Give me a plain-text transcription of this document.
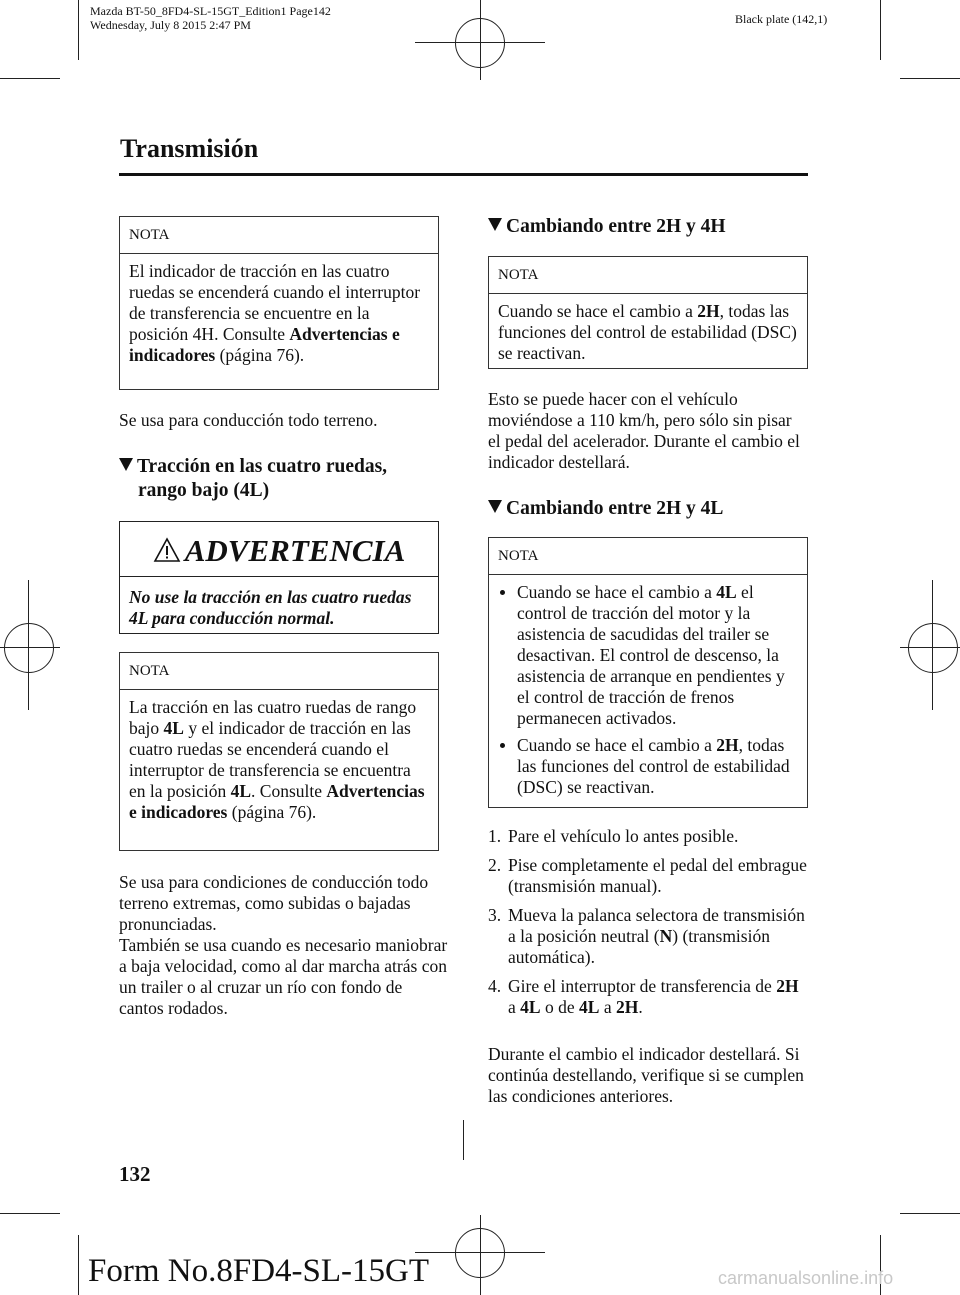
Mazda BT-50_8FD4-SL-15GT_Edition1 Page142
Wednesday, July 8 2015 2:47 PM	Black plate (142,1)
Transmisión
NOTA
El indicador de tracción en las cuatro ruedas se encenderá cuando el interruptor de transferencia se encuentre en la posición 4H. Consulte Advertencias e indicadores (página 76).
Se usa para conducción todo terreno.
Tracción en las cuatro ruedas,
rango bajo (4L)
ADVERTENCIA
No use la tracción en las cuatro ruedas 4L para conducción normal.
NOTA
La tracción en las cuatro ruedas de rango bajo 4L y el indicador de tracción en las cuatro ruedas se encenderá cuando el interruptor de transferencia se encuentra en la posición 4L. Consulte Advertencias e indicadores (página 76).
Se usa para condiciones de conducción todo terreno extremas, como subidas o bajadas pronunciadas.
También se usa cuando es necesario maniobrar a baja velocidad, como al dar marcha atrás con un trailer o al cruzar un río con fondo de cantos rodados.
Cambiando entre 2H y 4H
NOTA
Cuando se hace el cambio a 2H, todas las funciones del control de estabilidad (DSC) se reactivan.
Esto se puede hacer con el vehículo moviéndose a 110 km/h, pero sólo sin pisar el pedal del acelerador. Durante el cambio el indicador destellará.
Cambiando entre 2H y 4L
NOTA
Cuando se hace el cambio a 4L el control de tracción del motor y la asistencia de sacudidas del trailer se desactivan. El control de descenso, la asistencia de arranque en pendientes y el control de tracción de frenos permanecen activados.
Cuando se hace el cambio a 2H, todas las funciones del control de estabilidad (DSC) se reactivan.
1. Pare el vehículo lo antes posible.
2. Pise completamente el pedal del embrague (transmisión manual).
3. Mueva la palanca selectora de transmisión a la posición neutral (N) (transmisión automática).
4. Gire el interruptor de transferencia de 2H a 4L o de 4L a 2H.
Durante el cambio el indicador destellará. Si continúa destellando, verifique si se cumplen las condiciones anteriores.
132
Form No.8FD4-SL-15GT	carmanualsonline.info
